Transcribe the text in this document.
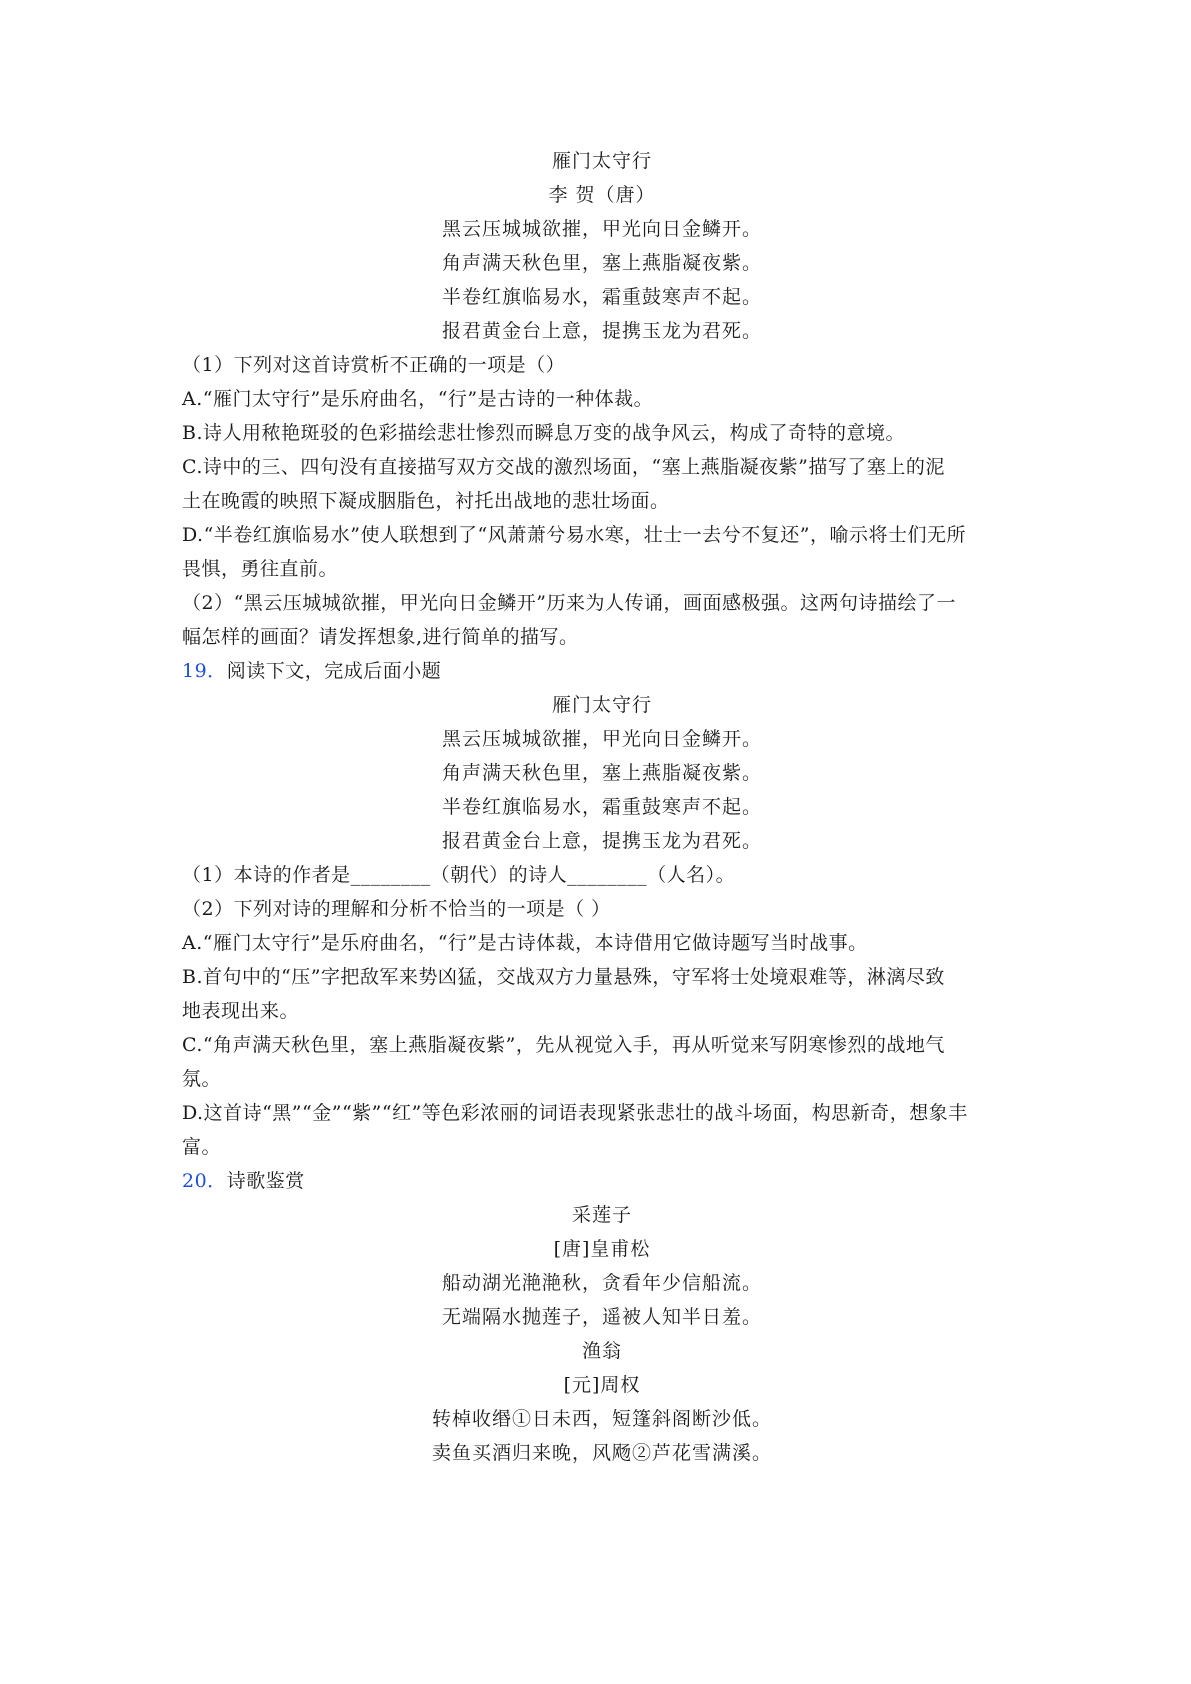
雁门太守行
李 贺（唐）
黑云压城城欲摧，甲光向日金鳞开。
角声满天秋色里，塞上燕脂凝夜紫。
半卷红旗临易水，霜重鼓寒声不起。
报君黄金台上意，提携玉龙为君死。
（1）下列对这首诗赏析不正确的一项是（）
A.“雁门太守行”是乐府曲名，“行”是古诗的一种体裁。
B.诗人用秾艳斑驳的色彩描绘悲壮惨烈而瞬息万变的战争风云，构成了奇特的意境。
C.诗中的三、四句没有直接描写双方交战的激烈场面，“塞上燕脂凝夜紫”描写了塞上的泥
土在晚霞的映照下凝成胭脂色，衬托出战地的悲壮场面。
D.“半卷红旗临易水”使人联想到了“风萧萧兮易水寒，壮士一去兮不复还”，喻示将士们无所
畏惧，勇往直前。
（2）“黑云压城城欲摧，甲光向日金鳞开”历来为人传诵，画面感极强。这两句诗描绘了一
幅怎样的画面？请发挥想象,进行简单的描写。
19．阅读下文，完成后面小题
雁门太守行
黑云压城城欲摧，甲光向日金鳞开。
角声满天秋色里，塞上燕脂凝夜紫。
半卷红旗临易水，霜重鼓寒声不起。
报君黄金台上意，提携玉龙为君死。
（1）本诗的作者是________（朝代）的诗人________（人名）。
（2）下列对诗的理解和分析不恰当的一项是（ ）
A.“雁门太守行”是乐府曲名，“行”是古诗体裁，本诗借用它做诗题写当时战事。
B.首句中的“压”字把敌军来势凶猛，交战双方力量悬殊，守军将士处境艰难等，淋漓尽致
地表现出来。
C.“角声满天秋色里，塞上燕脂凝夜紫”，先从视觉入手，再从听觉来写阴寒惨烈的战地气
氛。
D.这首诗“黑”“金”“紫”“红”等色彩浓丽的词语表现紧张悲壮的战斗场面，构思新奇，想象丰
富。
20．诗歌鉴赏
采莲子
[唐]皇甫松
船动湖光滟滟秋，贪看年少信船流。
无端隔水抛莲子，遥被人知半日羞。
渔翁
[元]周权
转棹收缗①日未西，短篷斜阁断沙低。
卖鱼买酒归来晚，风飏②芦花雪满溪。
